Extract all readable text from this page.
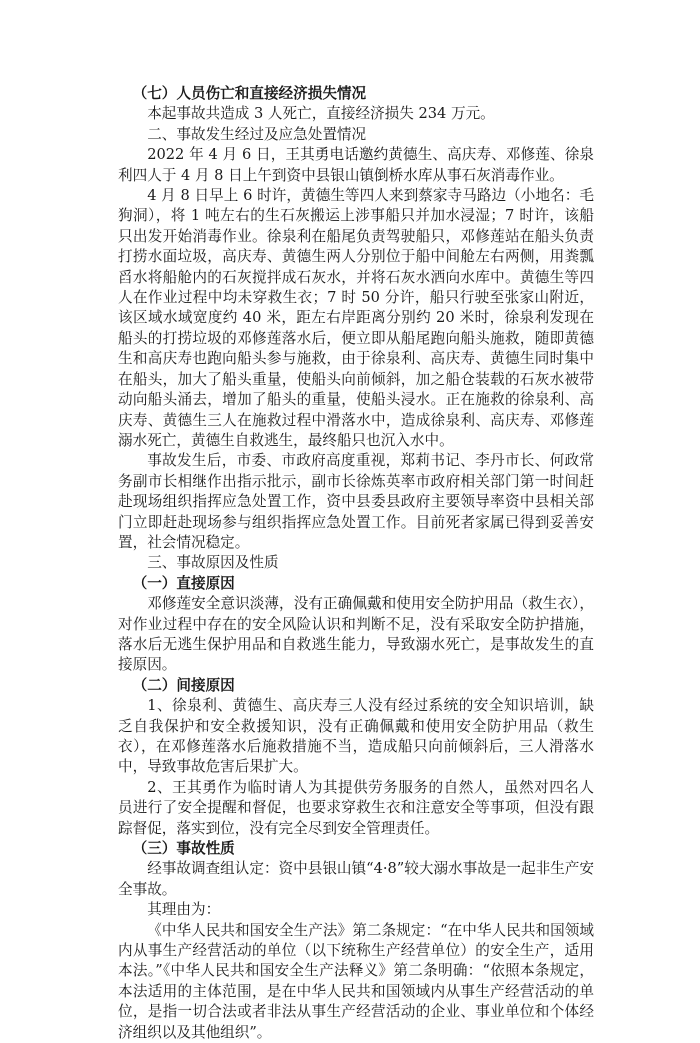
（七）人员伤亡和直接经济损失情况

本起事故共造成 3 人死亡，直接经济损失 234 万元。

二、事故发生经过及应急处置情况

2022 年 4 月 6 日，王其勇电话邀约黄德生、高庆寿、邓修莲、徐泉利四人于 4 月 8 日上午到资中县银山镇倒桥水库从事石灰消毒作业。

4 月 8 日早上 6 时许，黄德生等四人来到蔡家寺马路边（小地名：毛狗洞），将 1 吨左右的生石灰搬运上涉事船只并加水浸湿；7 时许，该船只出发开始消毒作业。徐泉利在船尾负责驾驶船只，邓修莲站在船头负责打捞水面垃圾，高庆寿、黄德生两人分别位于船中间舱左右两侧，用粪瓢舀水将船舱内的石灰搅拌成石灰水，并将石灰水洒向水库中。黄德生等四人在作业过程中均未穿救生衣；7 时 50 分许，船只行驶至张家山附近，该区域水域宽度约 40 米，距左右岸距离分别约 20 米时，徐泉利发现在船头的打捞垃圾的邓修莲落水后，便立即从船尾跑向船头施救，随即黄德生和高庆寿也跑向船头参与施救，由于徐泉利、高庆寿、黄德生同时集中在船头，加大了船头重量，使船头向前倾斜，加之船仓装载的石灰水被带动向船头涌去，增加了船头的重量，使船头浸水。正在施救的徐泉利、高庆寿、黄德生三人在施救过程中滑落水中，造成徐泉利、高庆寿、邓修莲溺水死亡，黄德生自救逃生，最终船只也沉入水中。

事故发生后，市委、市政府高度重视，郑莉书记、李丹市长、何政常务副市长相继作出指示批示，副市长徐炼英率市政府相关部门第一时间赶赴现场组织指挥应急处置工作，资中县委县政府主要领导率资中县相关部门立即赶赴现场参与组织指挥应急处置工作。目前死者家属已得到妥善安置，社会情况稳定。

三、事故原因及性质

（一）直接原因

邓修莲安全意识淡薄，没有正确佩戴和使用安全防护用品（救生衣），对作业过程中存在的安全风险认识和判断不足，没有采取安全防护措施，落水后无逃生保护用品和自救逃生能力，导致溺水死亡，是事故发生的直接原因。

（二）间接原因

1、徐泉利、黄德生、高庆寿三人没有经过系统的安全知识培训，缺乏自我保护和安全救援知识，没有正确佩戴和使用安全防护用品（救生衣），在邓修莲落水后施救措施不当，造成船只向前倾斜后，三人滑落水中，导致事故危害后果扩大。

2、王其勇作为临时请人为其提供劳务服务的自然人，虽然对四名人员进行了安全提醒和督促，也要求穿救生衣和注意安全等事项，但没有跟踪督促，落实到位，没有完全尽到安全管理责任。

（三）事故性质

经事故调查组认定：资中县银山镇“4·8”较大溺水事故是一起非生产安全事故。

其理由为：

《中华人民共和国安全生产法》第二条规定：“在中华人民共和国领域内从事生产经营活动的单位（以下统称生产经营单位）的安全生产，适用本法。”《中华人民共和国安全生产法释义》第二条明确：“依照本条规定，本法适用的主体范围，是在中华人民共和国领域内从事生产经营活动的单位，是指一切合法或者非法从事生产经营活动的企业、事业单位和个体经济组织以及其他组织”。
